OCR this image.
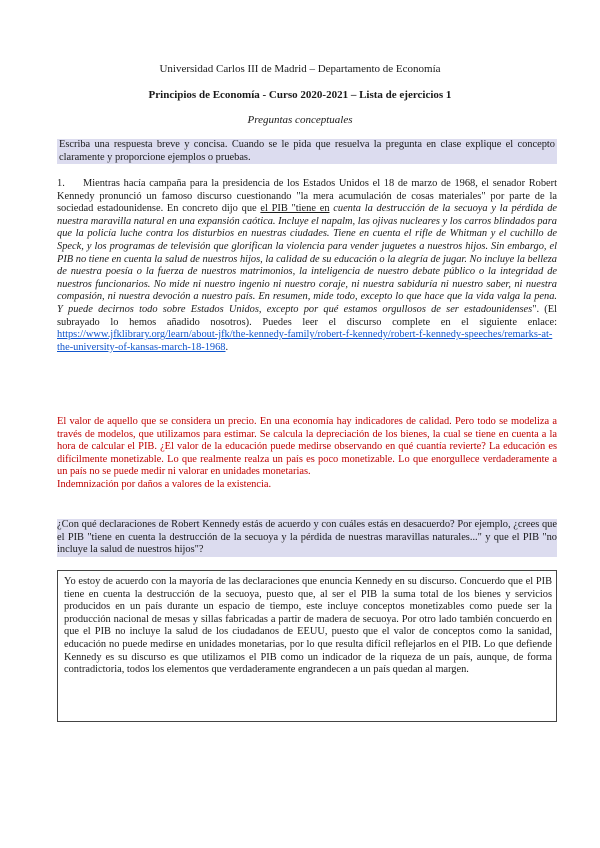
Universidad Carlos III de Madrid – Departamento de Economía
Principios de Economía - Curso 2020-2021 – Lista de ejercicios 1
Preguntas conceptuales
Escriba una respuesta breve y concisa. Cuando se le pida que resuelva la pregunta en clase explique el concepto claramente y proporcione ejemplos o pruebas.
1. Mientras hacía campaña para la presidencia de los Estados Unidos el 18 de marzo de 1968, el senador Robert Kennedy pronunció un famoso discurso cuestionando "la mera acumulación de cosas materiales" por parte de la sociedad estadounidense. En concreto dijo que el PIB "tiene en cuenta la destrucción de la secuoya y la pérdida de nuestra maravilla natural en una expansión caótica. Incluye el napalm, las ojivas nucleares y los carros blindados para que la policía luche contra los disturbios en nuestras ciudades. Tiene en cuenta el rifle de Whitman y el cuchillo de Speck, y los programas de televisión que glorifican la violencia para vender juguetes a nuestros hijos. Sin embargo, el PIB no tiene en cuenta la salud de nuestros hijos, la calidad de su educación o la alegría de jugar. No incluye la belleza de nuestra poesía o la fuerza de nuestros matrimonios, la inteligencia de nuestro debate público o la integridad de nuestros funcionarios. No mide ni nuestro ingenio ni nuestro coraje, ni nuestra sabiduría ni nuestro saber, ni nuestra compasión, ni nuestra devoción a nuestro país. En resumen, mide todo, excepto lo que hace que la vida valga la pena. Y puede decirnos todo sobre Estados Unidos, excepto por qué estamos orgullosos de ser estadounidenses". (El subrayado lo hemos añadido nosotros). Puedes leer el discurso complete en el siguiente enlace: https://www.jfklibrary.org/learn/about-jfk/the-kennedy-family/robert-f-kennedy/robert-f-kennedy-speeches/remarks-at-the-university-of-kansas-march-18-1968.
El valor de aquello que se considera un precio. En una economía hay indicadores de calidad. Pero todo se modeliza a través de modelos, que utilizamos para estimar. Se calcula la depreciación de los bienes, la cual se tiene en cuenta a la hora de calcular el PIB. ¿El valor de la educación puede medirse observando en qué cuantía revierte? La educación es difícilmente monetizable. Lo que realmente realza un país es poco monetizable. Lo que enorgullece verdaderamente a un país no se puede medir ni valorar en unidades monetarias.
Indemnización por daños a valores de la existencia.
¿Con qué declaraciones de Robert Kennedy estás de acuerdo y con cuáles estás en desacuerdo? Por ejemplo, ¿crees que el PIB "tiene en cuenta la destrucción de la secuoya y la pérdida de nuestras maravillas naturales..." y que el PIB "no incluye la salud de nuestros hijos"?
Yo estoy de acuerdo con la mayoría de las declaraciones que enuncia Kennedy en su discurso. Concuerdo que el PIB tiene en cuenta la destrucción de la secuoya, puesto que, al ser el PIB la suma total de los bienes y servicios producidos en un país durante un espacio de tiempo, este incluye conceptos monetizables como puede ser la producción nacional de mesas y sillas fabricadas a partir de madera de secuoya. Por otro lado también concuerdo en que el PIB no incluye la salud de los ciudadanos de EEUU, puesto que el valor de conceptos como la sanidad, educación no puede medirse en unidades monetarias, por lo que resulta difícil reflejarlos en el PIB. Lo que defiende Kennedy es su discurso es que utilizamos el PIB como un indicador de la riqueza de un país, aunque, de forma contradictoria, todos los elementos que verdaderamente engrandecen a un país quedan al margen.
